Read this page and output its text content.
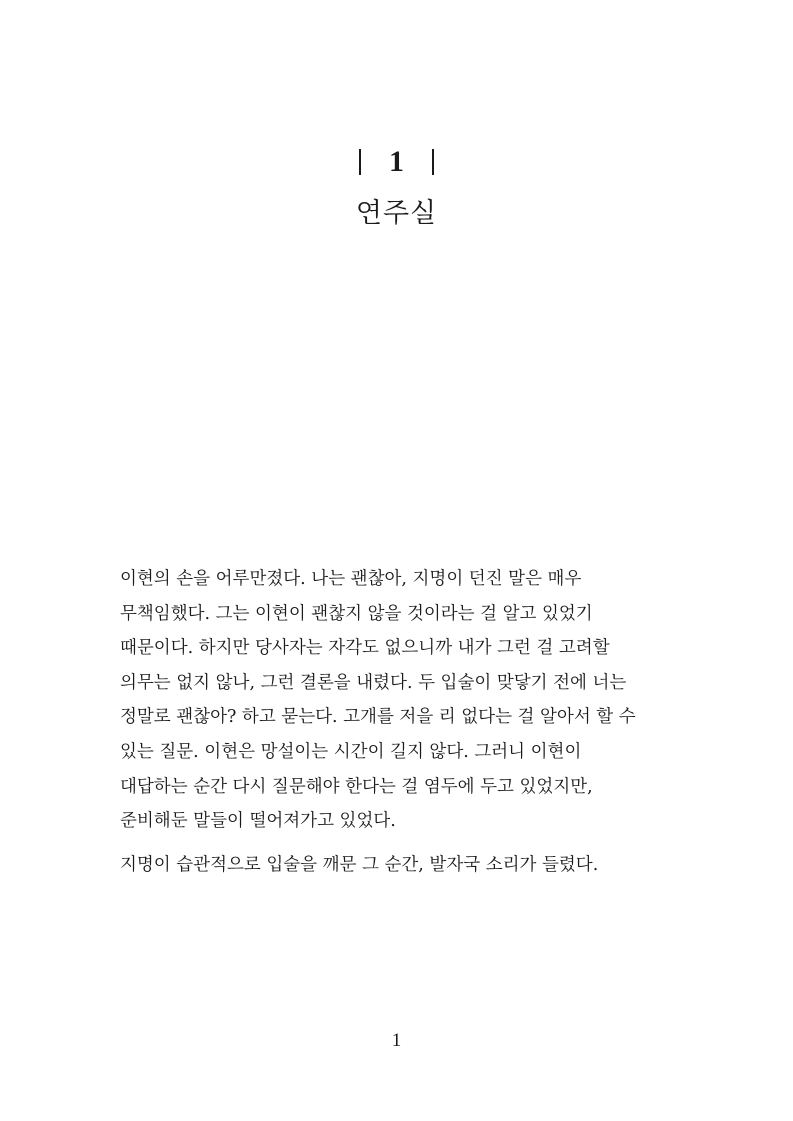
1
연주실

이현의 손을 어루만졌다. 나는 괜찮아, 지명이 던진 말은 매우
무책임했다. 그는 이현이 괜찮지 않을 것이라는 걸 알고 있었기
때문이다. 하지만 당사자는 자각도 없으니까 내가 그런 걸 고려할
의무는 없지 않나, 그런 결론을 내렸다. 두 입술이 맞닿기 전에 너는
정말로 괜찮아? 하고 묻는다. 고개를 저을 리 없다는 걸 알아서 할 수
있는 질문. 이현은 망설이는 시간이 길지 않다. 그러니 이현이
대답하는 순간 다시 질문해야 한다는 걸 염두에 두고 있었지만,
준비해둔 말들이 떨어져가고 있었다.

지명이 습관적으로 입술을 깨문 그 순간, 발자국 소리가 들렸다.

1
